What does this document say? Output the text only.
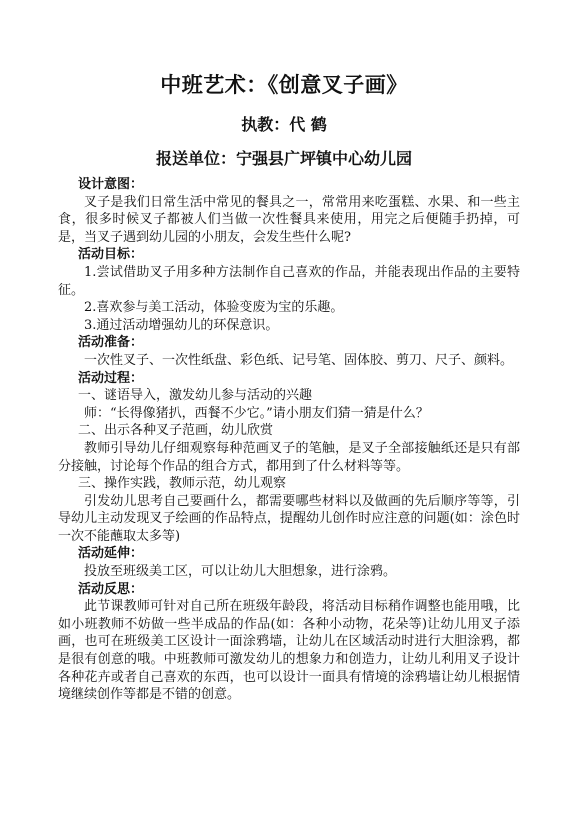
中班艺术：《创意叉子画》
执教：代 鹤
报送单位：宁强县广坪镇中心幼儿园

设计意图：

叉子是我们日常生活中常见的餐具之一，常常用来吃蛋糕、水果、和一些主食，很多时候叉子都被人们当做一次性餐具来使用，用完之后便随手扔掉，可是，当叉子遇到幼儿园的小朋友，会发生些什么呢?

活动目标：

1.尝试借助叉子用多种方法制作自己喜欢的作品，并能表现出作品的主要特征。

2.喜欢参与美工活动，体验变废为宝的乐趣。

3.通过活动增强幼儿的环保意识。

活动准备：

一次性叉子、一次性纸盘、彩色纸、记号笔、固体胶、剪刀、尺子、颜料。

活动过程：

一、谜语导入，激发幼儿参与活动的兴趣

师：“长得像猪扒，西餐不少它。”请小朋友们猜一猜是什么？

二、出示各种叉子范画，幼儿欣赏

教师引导幼儿仔细观察每种范画叉子的笔触，是叉子全部接触纸还是只有部分接触，讨论每个作品的组合方式，都用到了什么材料等等。

三、操作实践，教师示范，幼儿观察

引发幼儿思考自己要画什么，都需要哪些材料以及做画的先后顺序等等，引导幼儿主动发现叉子绘画的作品特点，提醒幼儿创作时应注意的问题(如：涂色时一次不能蘸取太多等)

活动延伸：

投放至班级美工区，可以让幼儿大胆想象，进行涂鸦。

活动反思：

此节课教师可针对自己所在班级年龄段，将活动目标稍作调整也能用哦，比如小班教师不妨做一些半成品的作品(如：各种小动物，花朵等)让幼儿用叉子添画，也可在班级美工区设计一面涂鸦墙，让幼儿在区域活动时进行大胆涂鸦，都是很有创意的哦。中班教师可激发幼儿的想象力和创造力，让幼儿利用叉子设计各种花卉或者自己喜欢的东西，也可以设计一面具有情境的涂鸦墙让幼儿根据情境继续创作等都是不错的创意。
